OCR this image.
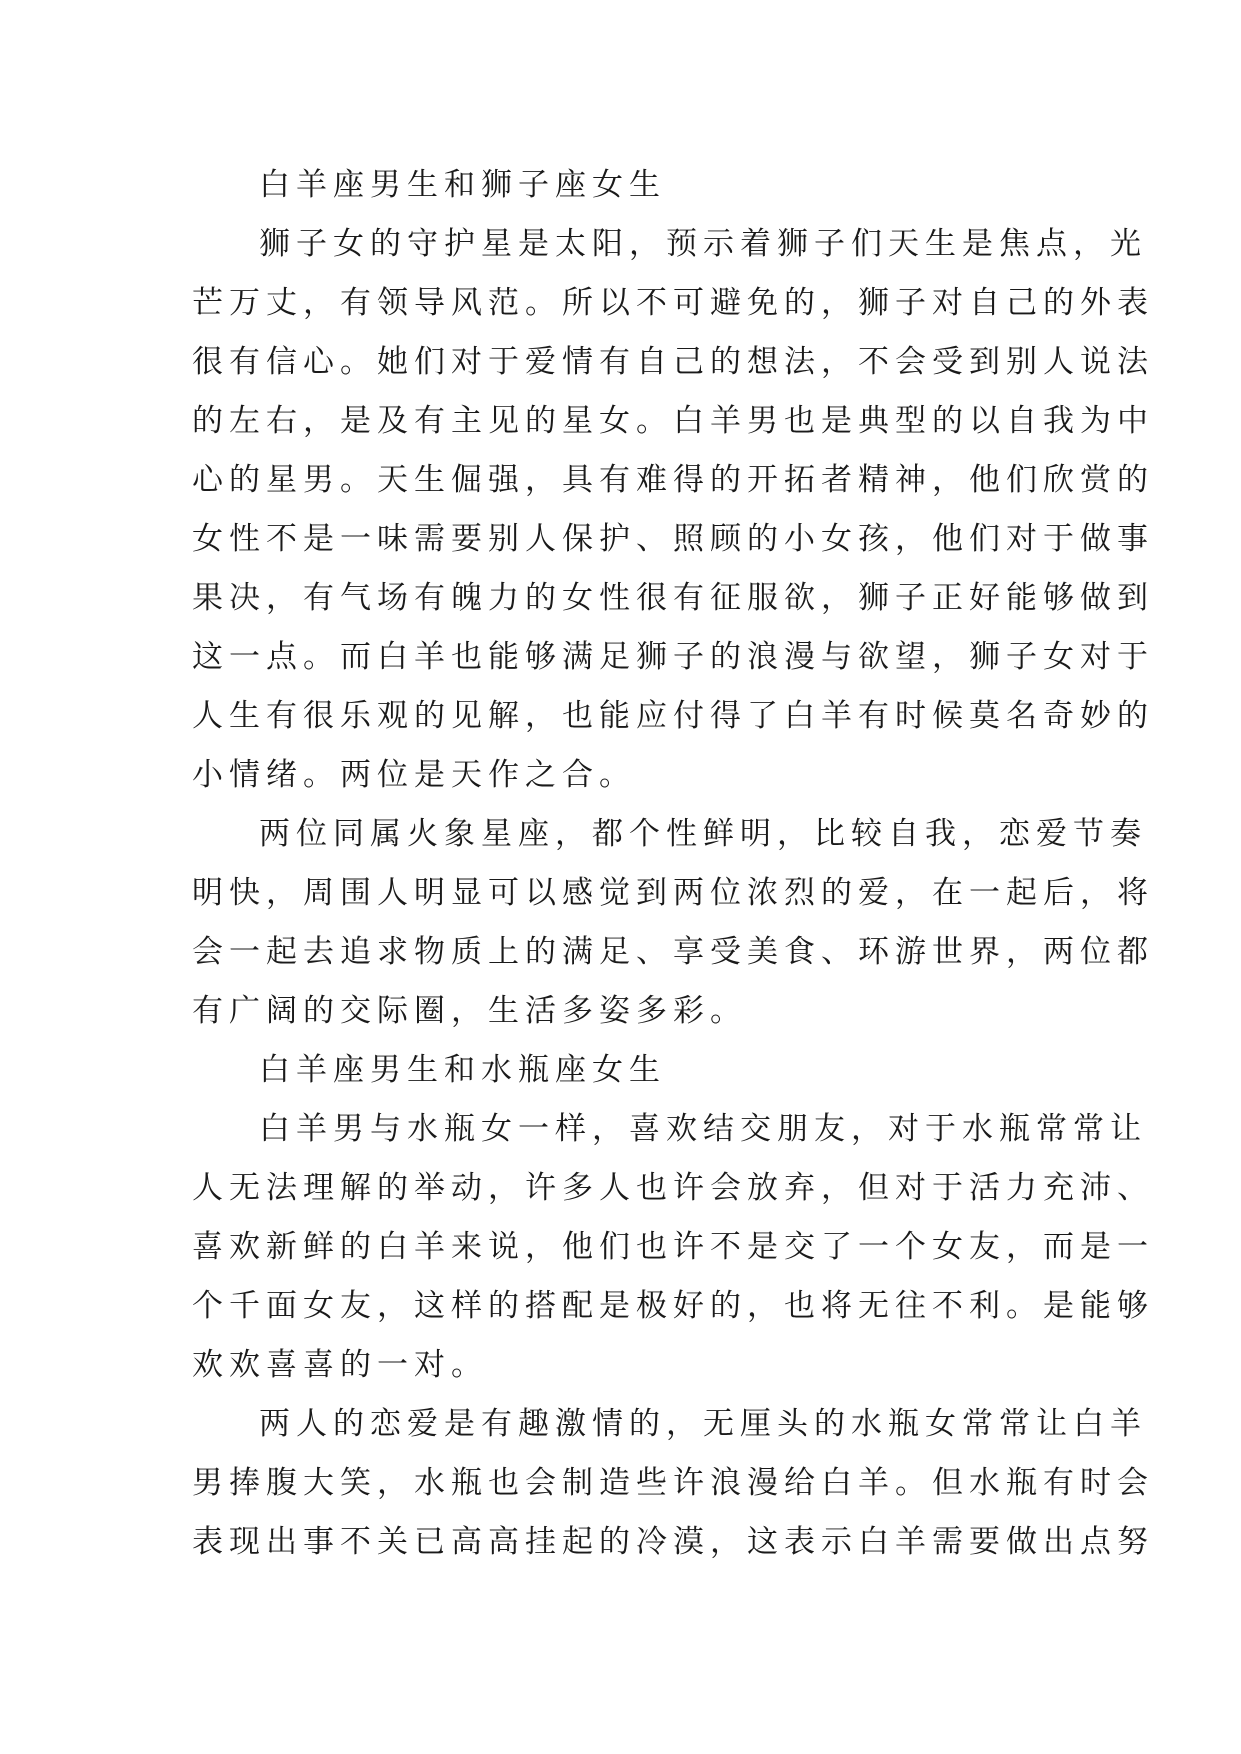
白羊座男生和狮子座女生

狮子女的守护星是太阳，预示着狮子们天生是焦点，光
芒万丈，有领导风范。所以不可避免的，狮子对自己的外表
很有信心。她们对于爱情有自己的想法，不会受到别人说法
的左右，是及有主见的星女。白羊男也是典型的以自我为中
心的星男。天生倔强，具有难得的开拓者精神，他们欣赏的
女性不是一味需要别人保护、照顾的小女孩，他们对于做事
果决，有气场有魄力的女性很有征服欲，狮子正好能够做到
这一点。而白羊也能够满足狮子的浪漫与欲望，狮子女对于
人生有很乐观的见解，也能应付得了白羊有时候莫名奇妙的
小情绪。两位是天作之合。

两位同属火象星座，都个性鲜明，比较自我，恋爱节奏
明快，周围人明显可以感觉到两位浓烈的爱，在一起后，将
会一起去追求物质上的满足、享受美食、环游世界，两位都
有广阔的交际圈，生活多姿多彩。

白羊座男生和水瓶座女生

白羊男与水瓶女一样，喜欢结交朋友，对于水瓶常常让
人无法理解的举动，许多人也许会放弃，但对于活力充沛、
喜欢新鲜的白羊来说，他们也许不是交了一个女友，而是一
个千面女友，这样的搭配是极好的，也将无往不利。是能够
欢欢喜喜的一对。

两人的恋爱是有趣激情的，无厘头的水瓶女常常让白羊
男捧腹大笑，水瓶也会制造些许浪漫给白羊。但水瓶有时会
表现出事不关已高高挂起的冷漠，这表示白羊需要做出点努
